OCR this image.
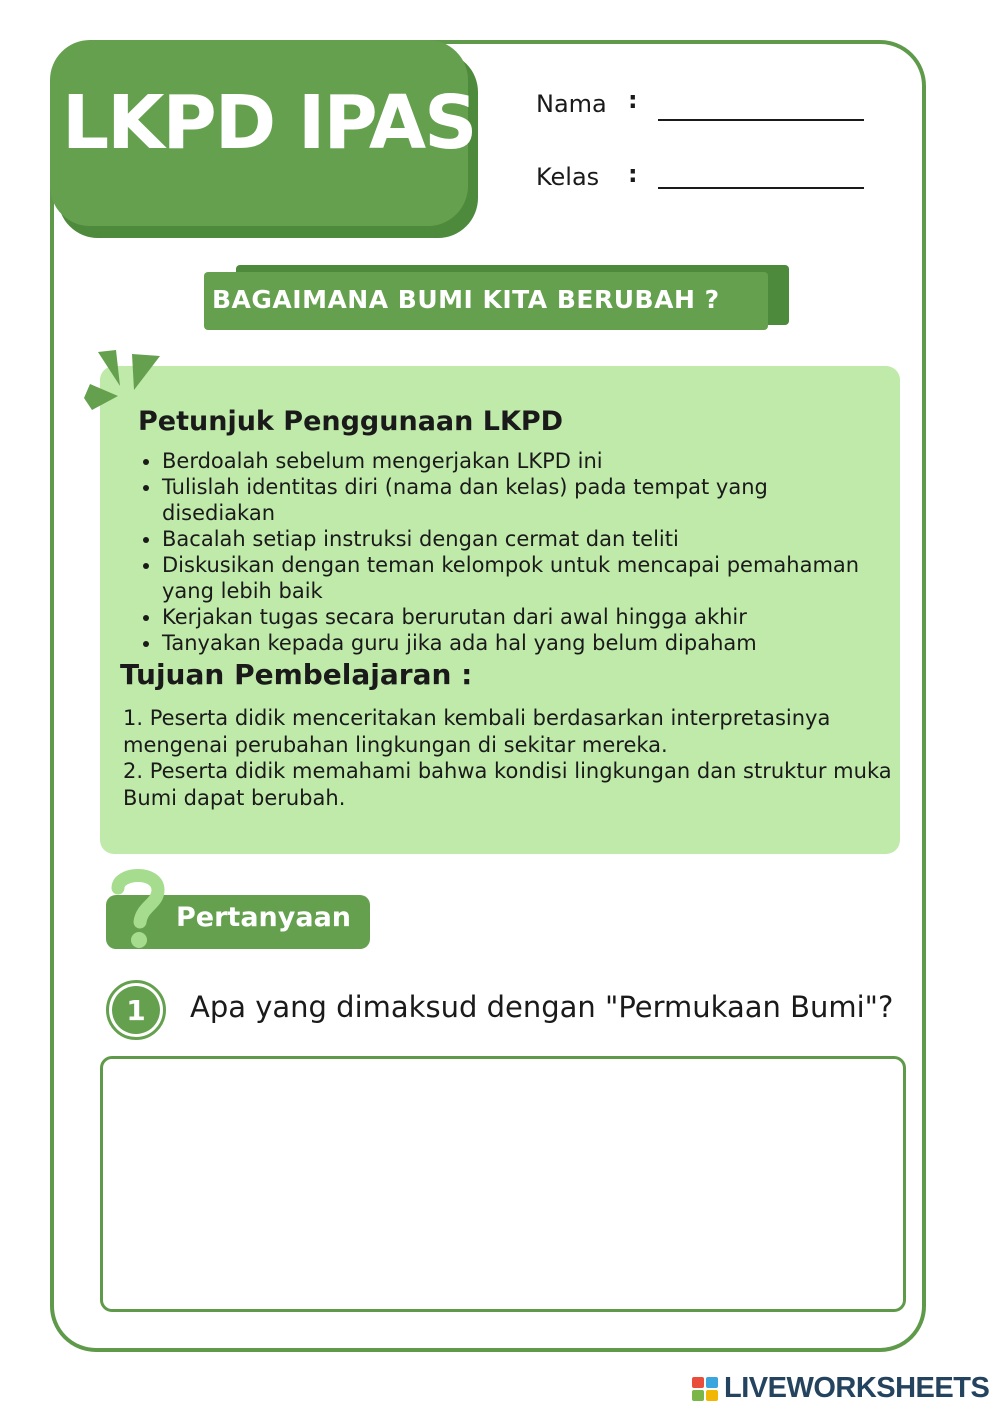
LKPD IPAS	Nama :
Kelas :
BAGAIMANA BUMI KITA BERUBAH ?
Petunjuk Penggunaan LKPD
• Berdoalah sebelum mengerjakan LKPD ini
• Tulislah identitas diri (nama dan kelas) pada tempat yang disediakan
• Bacalah setiap instruksi dengan cermat dan teliti
• Diskusikan dengan teman kelompok untuk mencapai pemahaman yang lebih baik
• Kerjakan tugas secara berurutan dari awal hingga akhir
• Tanyakan kepada guru jika ada hal yang belum dipaham
Tujuan Pembelajaran :

1. Peserta didik menceritakan kembali berdasarkan interpretasinya mengenai perubahan lingkungan di sekitar mereka.

2. Peserta didik memahami bahwa kondisi lingkungan dan struktur muka Bumi dapat berubah.

Pertanyaan
1	Apa yang dimaksud dengan "Permukaan Bumi"?
LIVEWORKSHEETS
